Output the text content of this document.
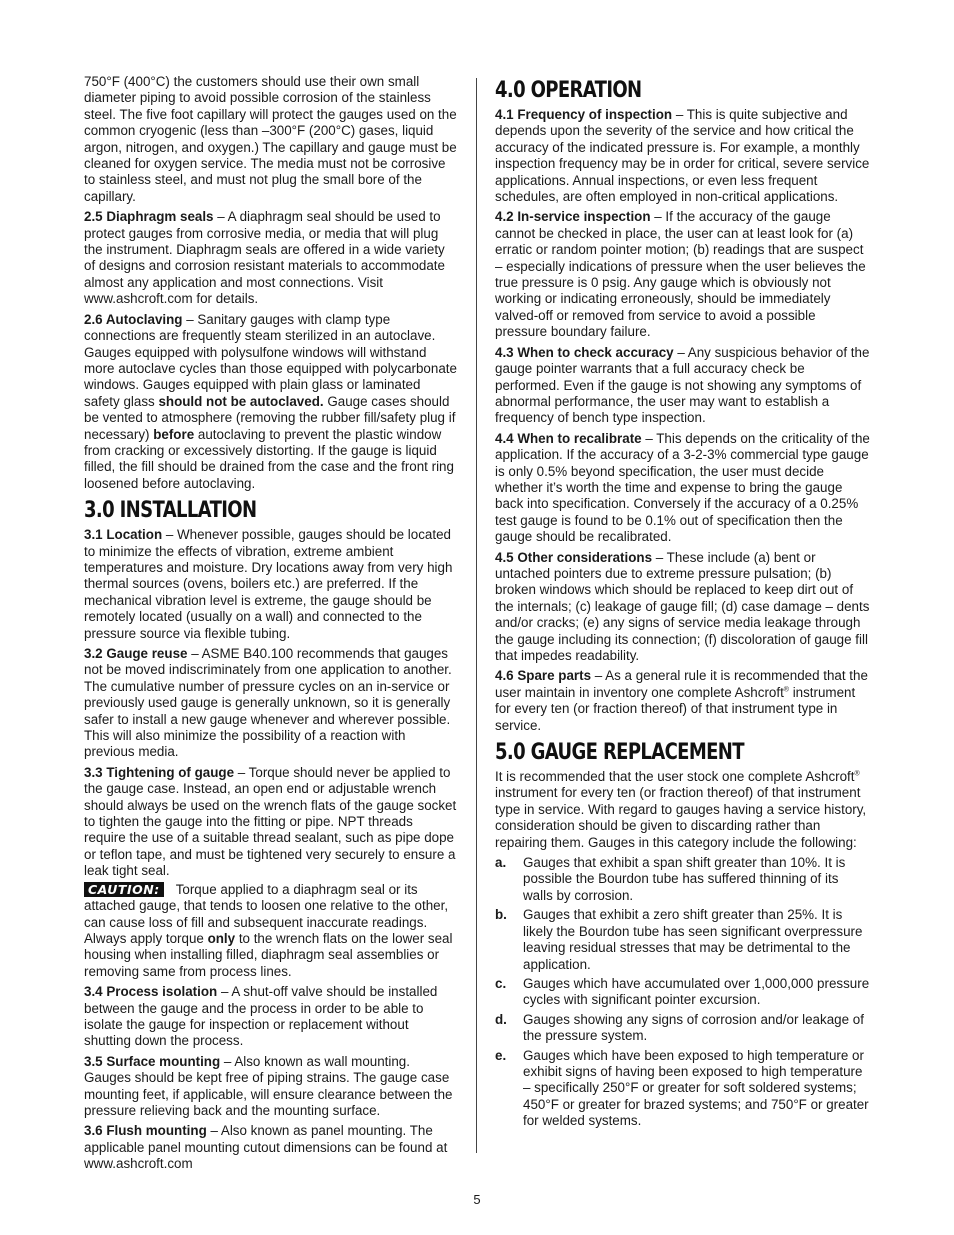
750°F (400°C) the customers should use their own small diameter piping to avoid possible corrosion of the stainless steel. The five foot capillary will protect the gauges used on the common cryogenic (less than –300°F (200°C) gases, liquid argon, nitrogen, and oxygen.) The capillary and gauge must be cleaned for oxygen service. The media must not be corrosive to stainless steel, and must not plug the small bore of the capillary.

2.5 Diaphragm seals – A diaphragm seal should be used to protect gauges from corrosive media, or media that will plug the instrument. Diaphragm seals are offered in a wide variety of designs and corrosion resistant materials to accommodate almost any application and most connections. Visit www.ashcroft.com for details.

2.6 Autoclaving – Sanitary gauges with clamp type connections are frequently steam sterilized in an autoclave. Gauges equipped with polysulfone windows will withstand more autoclave cycles than those equipped with polycarbonate windows. Gauges equipped with plain glass or laminated safety glass should not be autoclaved. Gauge cases should be vented to atmosphere (removing the rubber fill/safety plug if necessary) before autoclaving to prevent the plastic window from cracking or excessively distorting. If the gauge is liquid filled, the fill should be drained from the case and the front ring loosened before autoclaving.

3.0 INSTALLATION

3.1 Location – Whenever possible, gauges should be located to minimize the effects of vibration, extreme ambient temperatures and moisture. Dry locations away from very high thermal sources (ovens, boilers etc.) are preferred. If the mechanical vibration level is extreme, the gauge should be remotely located (usually on a wall) and connected to the pressure source via flexible tubing.

3.2 Gauge reuse – ASME B40.100 recommends that gauges not be moved indiscriminately from one application to another. The cumulative number of pressure cycles on an in-service or previously used gauge is generally unknown, so it is generally safer to install a new gauge whenever and wherever possible. This will also minimize the possibility of a reaction with previous media.

3.3 Tightening of gauge – Torque should never be applied to the gauge case. Instead, an open end or adjustable wrench should always be used on the wrench flats of the gauge socket to tighten the gauge into the fitting or pipe. NPT threads require the use of a suitable thread sealant, such as pipe dope or teflon tape, and must be tightened very securely to ensure a leak tight seal.

CAUTION: Torque applied to a diaphragm seal or its attached gauge, that tends to loosen one relative to the other, can cause loss of fill and subsequent inaccurate readings. Always apply torque only to the wrench flats on the lower seal housing when installing filled, diaphragm seal assemblies or removing same from process lines.

3.4 Process isolation – A shut-off valve should be installed between the gauge and the process in order to be able to isolate the gauge for inspection or replacement without shutting down the process.

3.5 Surface mounting – Also known as wall mounting. Gauges should be kept free of piping strains. The gauge case mounting feet, if applicable, will ensure clearance between the pressure relieving back and the mounting surface.

3.6 Flush mounting – Also known as panel mounting. The applicable panel mounting cutout dimensions can be found at www.ashcroft.com

4.0 OPERATION

4.1 Frequency of inspection – This is quite subjective and depends upon the severity of the service and how critical the accuracy of the indicated pressure is. For example, a monthly inspection frequency may be in order for critical, severe service applications. Annual inspections, or even less frequent schedules, are often employed in non-critical applications.

4.2 In-service inspection – If the accuracy of the gauge cannot be checked in place, the user can at least look for (a) erratic or random pointer motion; (b) readings that are suspect – especially indications of pressure when the user believes the true pressure is 0 psig. Any gauge which is obviously not working or indicating erroneously, should be immediately valved-off or removed from service to avoid a possible pressure boundary failure.

4.3 When to check accuracy – Any suspicious behavior of the gauge pointer warrants that a full accuracy check be performed. Even if the gauge is not showing any symptoms of abnormal performance, the user may want to establish a frequency of bench type inspection.

4.4 When to recalibrate – This depends on the criticality of the application. If the accuracy of a 3-2-3% commercial type gauge is only 0.5% beyond specification, the user must decide whether it’s worth the time and expense to bring the gauge back into specification. Conversely if the accuracy of a 0.25% test gauge is found to be 0.1% out of specification then the gauge should be recalibrated.

4.5 Other considerations – These include (a) bent or untached pointers due to extreme pressure pulsation; (b) broken windows which should be replaced to keep dirt out of the internals; (c) leakage of gauge fill; (d) case damage – dents and/or cracks; (e) any signs of service media leakage through the gauge including its connection; (f) discoloration of gauge fill that impedes readability.

4.6 Spare parts – As a general rule it is recommended that the user maintain in inventory one complete Ashcroft® instrument for every ten (or fraction thereof) of that instrument type in service.

5.0 GAUGE REPLACEMENT

It is recommended that the user stock one complete Ashcroft® instrument for every ten (or fraction thereof) of that instrument type in service. With regard to gauges having a service history, consideration should be given to discarding rather than repairing them. Gauges in this category include the following:

a.	Gauges that exhibit a span shift greater than 10%. It is possible the Bourdon tube has suffered thinning of its walls by corrosion.
b.	Gauges that exhibit a zero shift greater than 25%. It is likely the Bourdon tube has seen significant overpressure leaving residual stresses that may be detrimental to the application.
c.	Gauges which have accumulated over 1,000,000 pressure cycles with significant pointer excursion.
d.	Gauges showing any signs of corrosion and/or leakage of the pressure system.
e.	Gauges which have been exposed to high temperature or exhibit signs of having been exposed to high temperature – specifically 250°F or greater for soft soldered systems; 450°F or greater for brazed systems; and 750°F or greater for welded systems.
5
